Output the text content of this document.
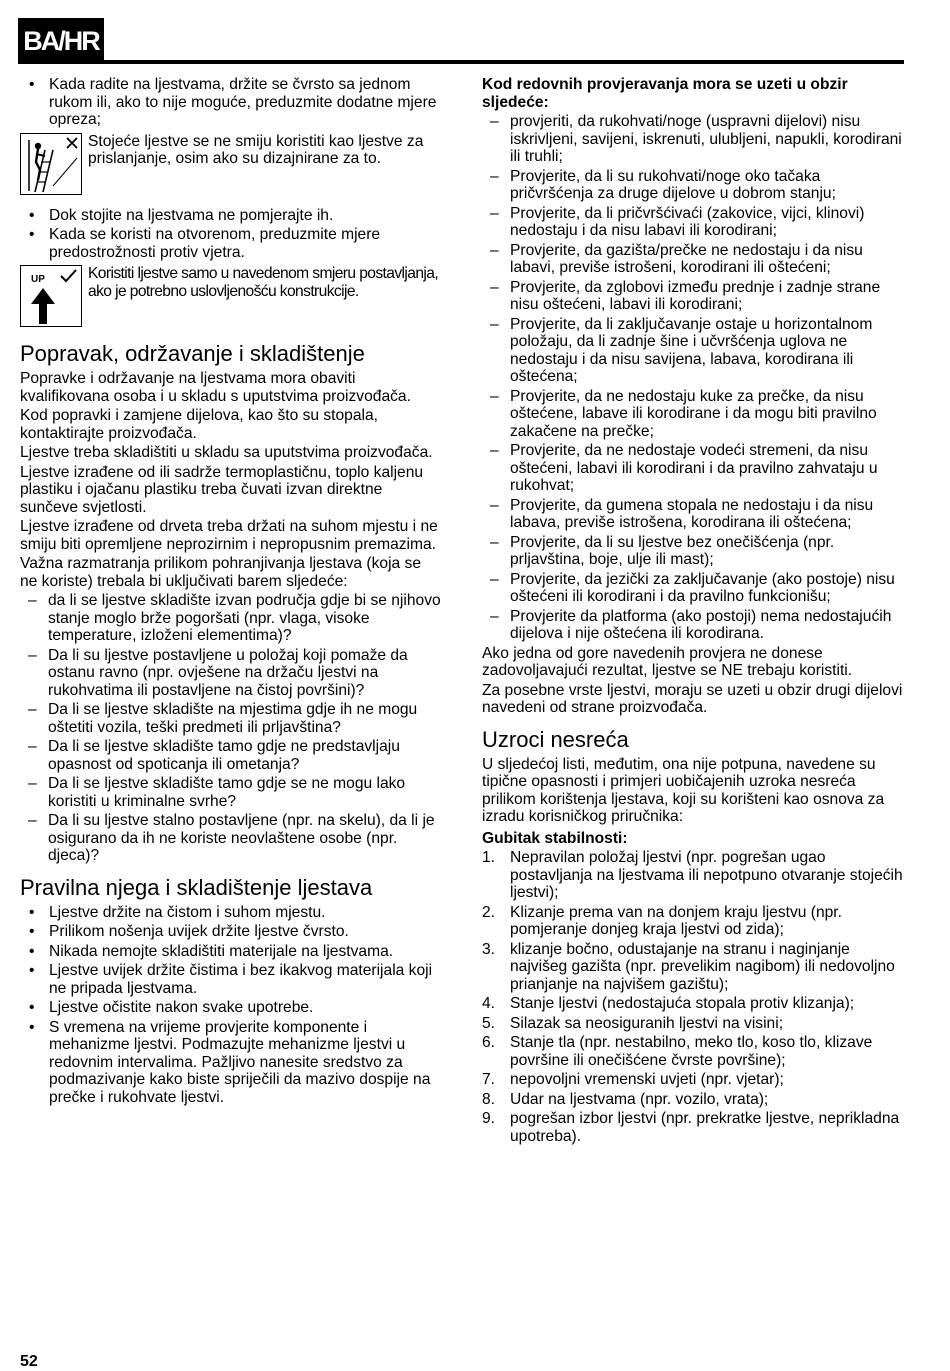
BA/HR
• Kada radite na ljestvama, držite se čvrsto sa jednom rukom ili, ako to nije moguće, preduzmite dodatne mjere opreza;
Stojeće ljestve se ne smiju koristiti kao ljestve za prislanjanje, osim ako su dizajnirane za to.
• Dok stojite na ljestvama ne pomjerajte ih.
• Kada se koristi na otvorenom, preduzmite mjere predostrožnosti protiv vjetra.
UP	Koristiti ljestve samo u navedenom smjeru postavljanja, ako je potrebno uslovljenošću konstrukcije.
Popravak, održavanje i skladištenje

Popravke i održavanje na ljestvama mora obaviti kvalifikovana osoba i u skladu s uputstvima proizvođača.

Kod popravki i zamjene dijelova, kao što su stopala, kontaktirajte proizvođača.

Ljestve treba skladištiti u skladu sa uputstvima proizvođača.

Ljestve izrađene od ili sadrže termoplastičnu, toplo kaljenu plastiku i ojačanu plastiku treba čuvati izvan direktne sunčeve svjetlosti.

Ljestve izrađene od drveta treba držati na suhom mjestu i ne smiju biti opremljene neprozirnim i nepropusnim premazima.

Važna razmatranja prilikom pohranjivanja ljestava (koja se ne koriste) trebala bi uključivati barem sljedeće:

– da li se ljestve skladište izvan područja gdje bi se njihovo stanje moglo brže pogoršati (npr. vlaga, visoke temperature, izloženi elementima)?
– Da li su ljestve postavljene u položaj koji pomaže da ostanu ravno (npr. ovješene na držaču ljestvi na rukohvatima ili postavljene na čistoj površini)?
– Da li se ljestve skladište na mjestima gdje ih ne mogu oštetiti vozila, teški predmeti ili prljavština?
– Da li se ljestve skladište tamo gdje ne predstavljaju opasnost od spoticanja ili ometanja?
– Da li se ljestve skladište tamo gdje se ne mogu lako koristiti u kriminalne svrhe?
– Da li su ljestve stalno postavljene (npr. na skelu), da li je osigurano da ih ne koriste neovlaštene osobe (npr. djeca)?
Pravilna njega i skladištenje ljestava
• Ljestve držite na čistom i suhom mjestu.
• Prilikom nošenja uvijek držite ljestve čvrsto.
• Nikada nemojte skladištiti materijale na ljestvama.
• Ljestve uvijek držite čistima i bez ikakvog materijala koji ne pripada ljestvama.
• Ljestve očistite nakon svake upotrebe.
• S vremena na vrijeme provjerite komponente i mehanizme ljestvi. Podmazujte mehanizme ljestvi u redovnim intervalima. Pažljivo nanesite sredstvo za podmazivanje kako biste spriječili da mazivo dospije na prečke i rukohvate ljestvi.
Kod redovnih provjeravanja mora se uzeti u obzir sljedeće:
– provjeriti, da rukohvati/noge (uspravni dijelovi) nisu iskrivljeni, savijeni, iskrenuti, ulubljeni, napukli, korodirani ili truhli;
– Provjerite, da li su rukohvati/noge oko tačaka pričvršćenja za druge dijelove u dobrom stanju;
– Provjerite, da li pričvršćivaći (zakovice, vijci, klinovi) nedostaju i da nisu labavi ili korodirani;
– Provjerite, da gazišta/prečke ne nedostaju i da nisu labavi, previše istrošeni, korodirani ili oštećeni;
– Provjerite, da zglobovi između prednje i zadnje strane nisu oštećeni, labavi ili korodirani;
– Provjerite, da li zaključavanje ostaje u horizontalnom položaju, da li zadnje šine i učvršćenja uglova ne nedostaju i da nisu savijena, labava, korodirana ili oštećena;
– Provjerite, da ne nedostaju kuke za prečke, da nisu oštećene, labave ili korodirane i da mogu biti pravilno zakačene na prečke;
– Provjerite, da ne nedostaje vodeći stremeni, da nisu oštećeni, labavi ili korodirani i da pravilno zahvataju u rukohvat;
– Provjerite, da gumena stopala ne nedostaju i da nisu labava, previše istrošena, korodirana ili oštećena;
– Provjerite, da li su ljestve bez onečišćenja (npr. prljavština, boje, ulje ili mast);
– Provjerite, da jezički za zaključavanje (ako postoje) nisu oštećeni ili korodirani i da pravilno funkcionišu;
– Provjerite da platforma (ako postoji) nema nedostajućih dijelova i nije oštećena ili korodirana.

Ako jedna od gore navedenih provjera ne donese zadovoljavajući rezultat, ljestve se NE trebaju koristiti.

Za posebne vrste ljestvi, moraju se uzeti u obzir drugi dijelovi navedeni od strane proizvođača.

Uzroci nesreća

U sljedećoj listi, međutim, ona nije potpuna, navedene su tipične opasnosti i primjeri uobičajenih uzroka nesreća prilikom korištenja ljestava, koji su korišteni kao osnova za izradu korisničkog priručnika:

Gubitak stabilnosti:
1. Nepravilan položaj ljestvi (npr. pogrešan ugao postavljanja na ljestvama ili nepotpuno otvaranje stojećih ljestvi);
2. Klizanje prema van na donjem kraju ljestvu (npr. pomjeranje donjeg kraja ljestvi od zida);
3. klizanje bočno, odustajanje na stranu i naginjanje najvišeg gazišta (npr. prevelikim nagibom) ili nedovoljno prianjanje na najvišem gazištu);
4. Stanje ljestvi (nedostajuća stopala protiv klizanja);
5. Silazak sa neosiguranih ljestvi na visini;
6. Stanje tla (npr. nestabilno, meko tlo, koso tlo, klizave površine ili onečišćene čvrste površine);
7. nepovoljni vremenski uvjeti (npr. vjetar);
8. Udar na ljestvama (npr. vozilo, vrata);
9. pogrešan izbor ljestvi (npr. prekratke ljestve, neprikladna upotreba).
52
